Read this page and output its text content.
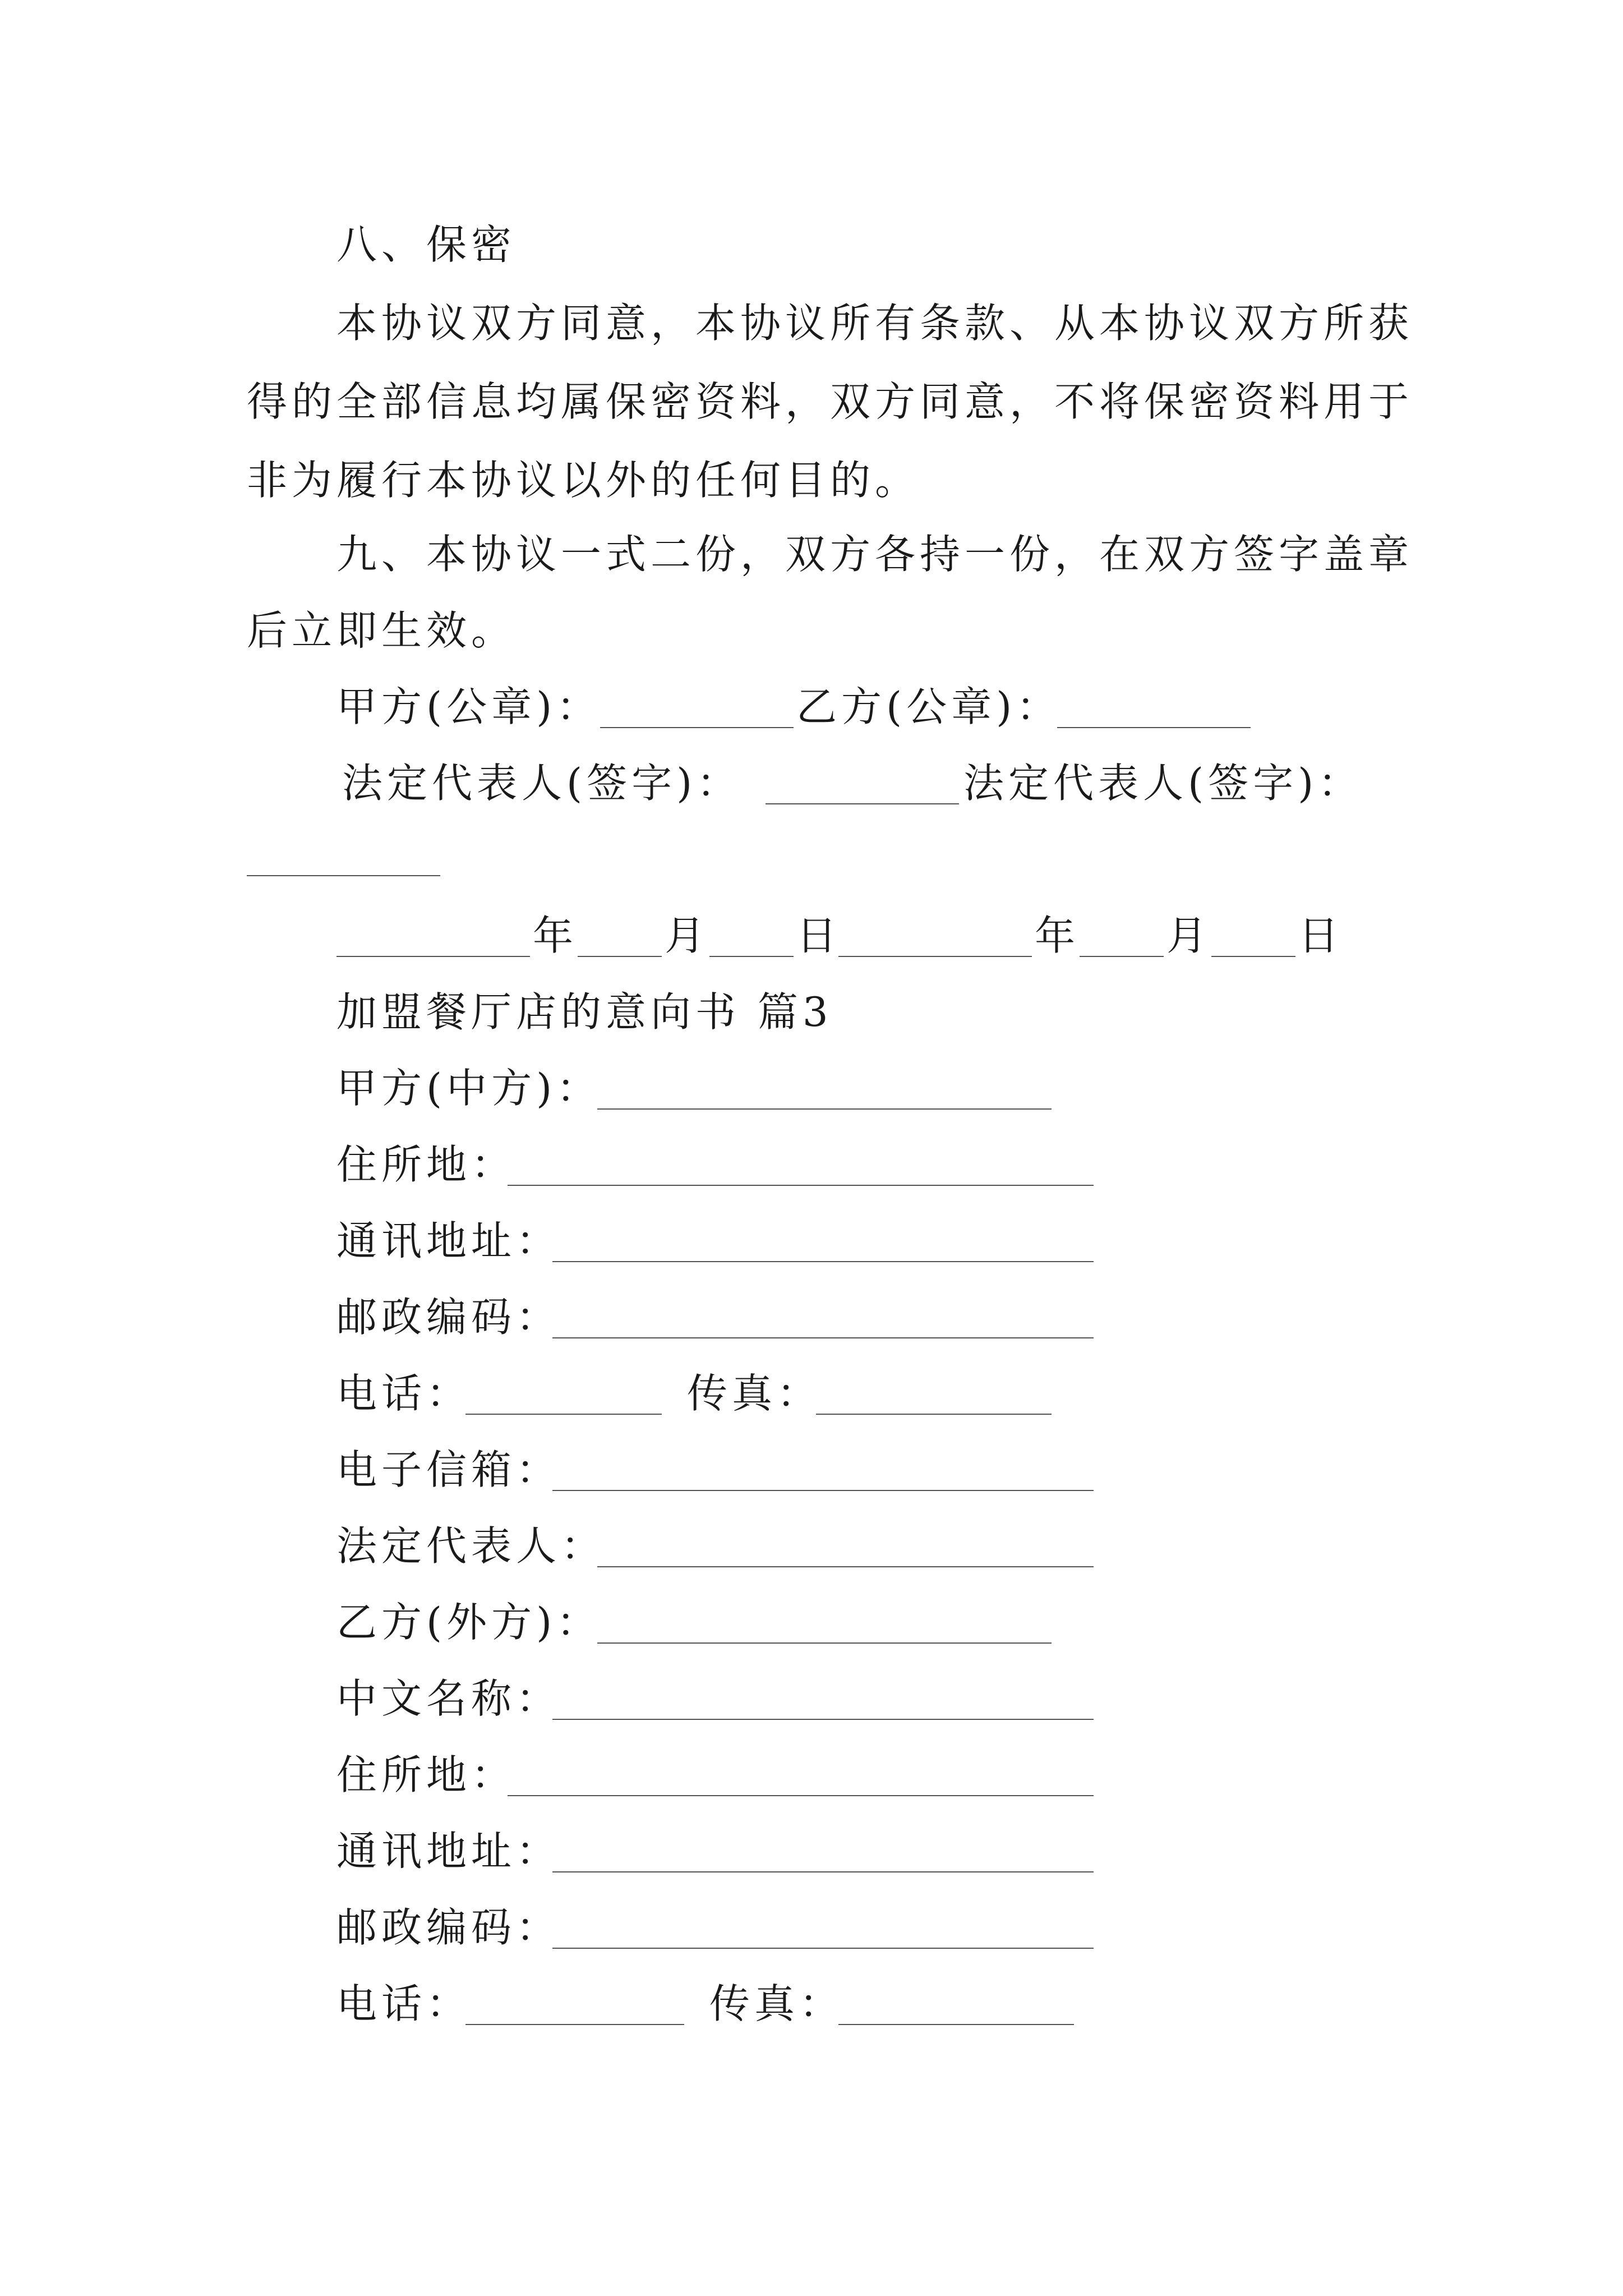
八、保密
本协议双方同意，本协议所有条款、从本协议双方所获
得的全部信息均属保密资料，双方同意，不将保密资料用于
非为履行本协议以外的任何目的。
九、本协议一式二份，双方各持一份，在双方签字盖章
后立即生效。
甲方(公章)：	乙方(公章)：
法定代表人(签字)：	法定代表人(签字)：
年 月 日	年 月 日
加盟餐厅店的意向书 篇3
甲方(中方)：
住所地：
通讯地址：
邮政编码：
电话：	传真：
电子信箱：
法定代表人：
乙方(外方)：
中文名称：
住所地：
通讯地址：
邮政编码：
电话：	传真：
